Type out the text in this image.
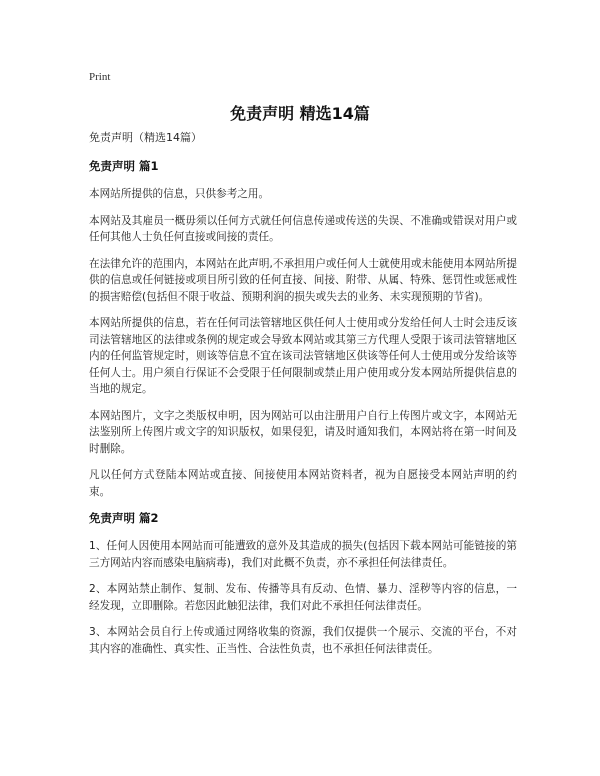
Print
免责声明 精选14篇

免责声明（精选14篇）

免责声明 篇1

本网站所提供的信息，只供参考之用。

本网站及其雇员一概毋须以任何方式就任何信息传递或传送的失误、不准确或错误对用户或任何其他人士负任何直接或间接的责任。

在法律允许的范围内，本网站在此声明,不承担用户或任何人士就使用或未能使用本网站所提供的信息或任何链接或项目所引致的任何直接、间接、附带、从属、特殊、惩罚性或惩戒性的损害赔偿(包括但不限于收益、预期利润的损失或失去的业务、未实现预期的节省)。

本网站所提供的信息，若在任何司法管辖地区供任何人士使用或分发给任何人士时会违反该司法管辖地区的法律或条例的规定或会导致本网站或其第三方代理人受限于该司法管辖地区内的任何监管规定时，则该等信息不宜在该司法管辖地区供该等任何人士使用或分发给该等任何人士。用户须自行保证不会受限于任何限制或禁止用户使用或分发本网站所提供信息的当地的规定。

本网站图片，文字之类版权申明，因为网站可以由注册用户自行上传图片或文字，本网站无法鉴别所上传图片或文字的知识版权，如果侵犯，请及时通知我们，本网站将在第一时间及时删除。

凡以任何方式登陆本网站或直接、间接使用本网站资料者，视为自愿接受本网站声明的约束。

免责声明 篇2

1、任何人因使用本网站而可能遭致的意外及其造成的损失(包括因下载本网站可能链接的第三方网站内容而感染电脑病毒)，我们对此概不负责，亦不承担任何法律责任。

2、本网站禁止制作、复制、发布、传播等具有反动、色情、暴力、淫秽等内容的信息，一经发现，立即删除。若您因此触犯法律，我们对此不承担任何法律责任。

3、本网站会员自行上传或通过网络收集的资源，我们仅提供一个展示、交流的平台，不对其内容的准确性、真实性、正当性、合法性负责，也不承担任何法律责任。
